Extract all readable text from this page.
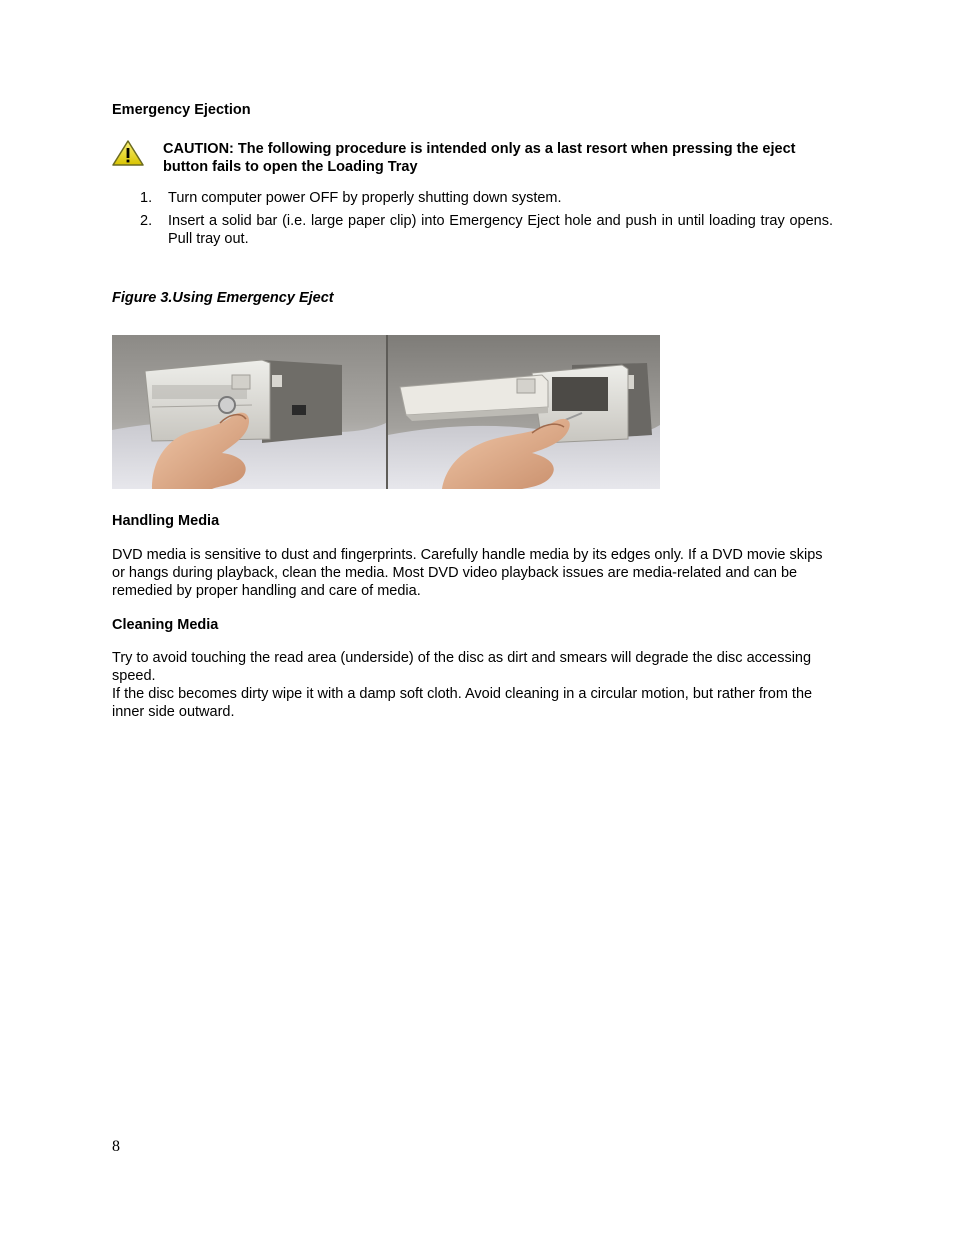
Emergency Ejection
CAUTION: The following procedure is intended only as a last resort when pressing the eject button fails to open the Loading Tray
1. Turn computer power OFF by properly shutting down system.
2. Insert a solid bar (i.e. large paper clip) into Emergency Eject hole and push in until loading tray opens. Pull tray out.
Figure 3.Using Emergency Eject
Handling Media
DVD media is sensitive to dust and fingerprints. Carefully handle media by its edges only. If a DVD movie skips or hangs during playback, clean the media. Most DVD video playback issues are media-related and can be remedied by proper handling and care of media.
Cleaning Media
Try to avoid touching the read area (underside) of the disc as dirt and smears will degrade the disc accessing speed.
If the disc becomes dirty wipe it with a damp soft cloth. Avoid cleaning in a circular motion, but rather from the inner side outward.
8
